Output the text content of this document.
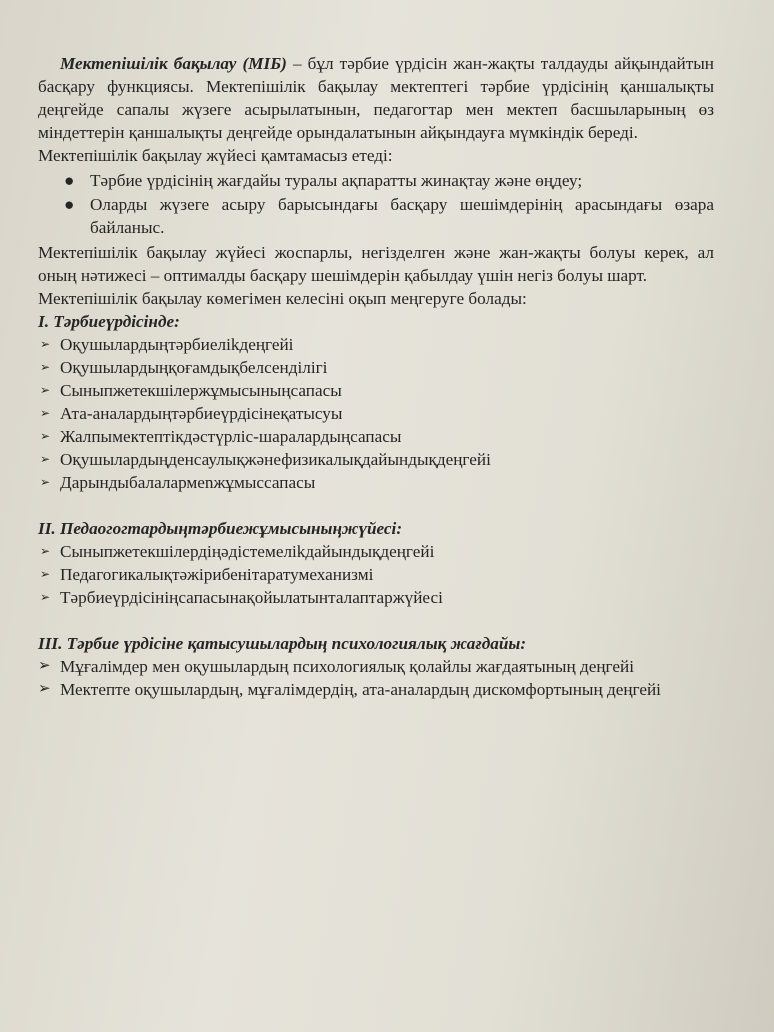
Мектепішілік бақылау (МІБ) – бұл тәрбие үрдісін жан-жақты талдауды айқындайтын басқару функциясы. Мектепішілік бақылау мектептегі тәрбие үрдісінің қаншалықты деңгейде сапалы жүзеге асырылатынын, педагогтар мен мектеп басшыларының өз міндеттерін қаншалықты деңгейде орындалатынын айқындауға мүмкіндік береді.

Мектепішілік бақылау жүйесі қамтамасыз етеді:

● Тәрбие үрдісінің жағдайы туралы ақпаратты жинақтау және өңдеу;
● Оларды жүзеге асыру барысындағы басқару шешімдерінің арасындағы өзара байланыс.

Мектепішілік бақылау жүйесі жоспарлы, негізделген және жан-жақты болуы керек, ал оның нәтижесі – оптималды басқару шешімдерін қабылдау үшін негіз болуы шарт.

Мектепішілік бақылау көмегімен келесіні оқып меңгеруге болады:

I. Тәрбиеүрдісінде:

➢ Оқушылардыңтәрбиеліkдеңгейі
➢ Оқушылардыңқоғамдықбелсенділігі
➢ Сыныпжетекшілержұмысыныңсапасы
➢ Ата-аналардыңтәрбиеүрдісінеқатысуы
➢ Жалпымектептікдәстүрліс-шаралардыңсапасы
➢ Оқушылардыңденсаулықжәнефизикалықдайындықдеңгейі
➢ Дарындыбалалармenжұмыссапасы

II. Педаогогтардыңтәрбиежұмысыныңжүйесі:

➢ Сыныпжетекшілердіңәдістемеліkдайындықдеңгейі
➢ Педагогикалықтәжірибенітаратумеханизмі
➢ Тәрбиеүрдісініңсапасынақойылатынталаптаржүйесі

III. Тәрбие үрдісіне қатысушылардың психологиялық жағдайы:

➢ Мұғалімдер мен оқушылардың психологиялық қолайлы жағдаятының деңгейі
➢ Мектепте оқушылардың, мұғалімдердің, ата-аналардың дискомфортының деңгейі
